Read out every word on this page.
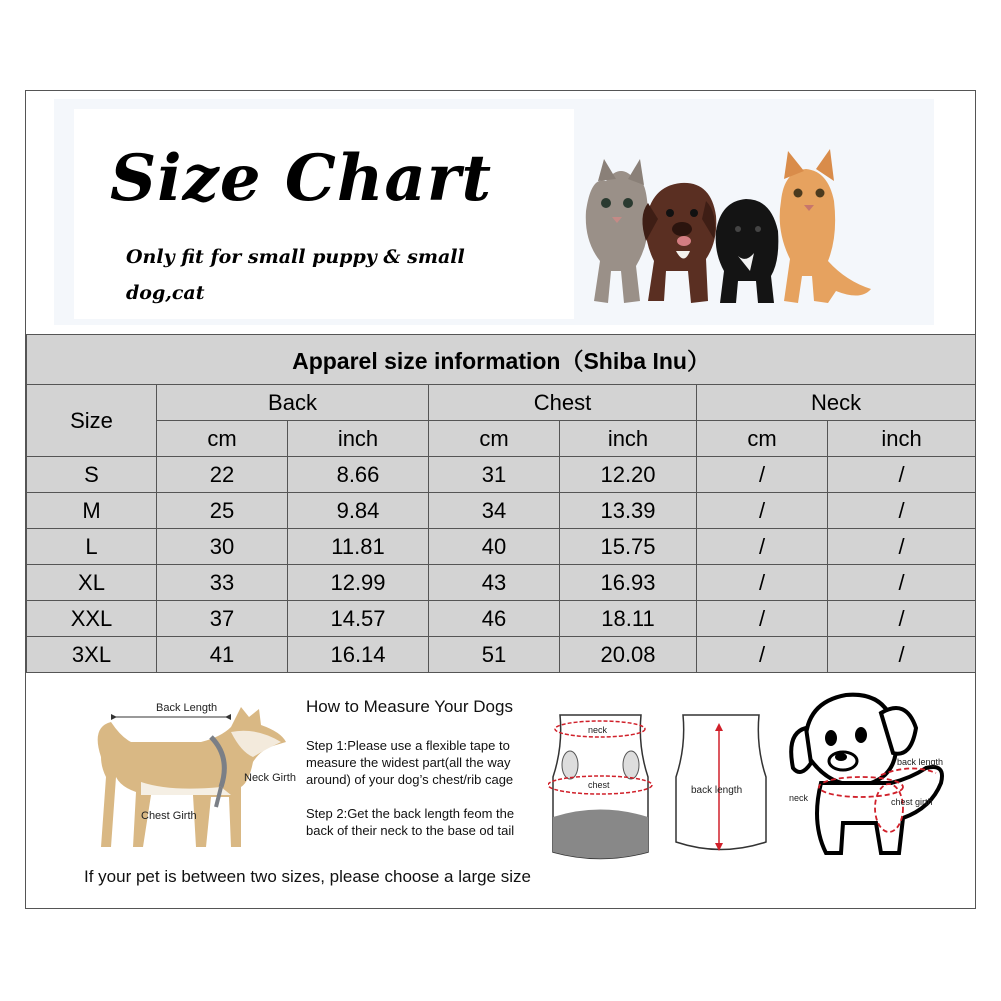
Size Chart
Only fit for small puppy & small dog,cat
Apparel size information（Shiba Inu）						
Size	Back		Chest		Neck	
	cm	inch	cm	inch	cm	inch
S	22	8.66	31	12.20	/	/
M	25	9.84	34	13.39	/	/
L	30	11.81	40	15.75	/	/
XL	33	12.99	43	16.93	/	/
XXL	37	14.57	46	18.11	/	/
3XL	41	16.14	51	20.08	/	/
Back Length
Neck Girth
Chest Girth
How to Measure Your Dogs
Step 1:Please use a flexible tape to
measure the widest part(all the way
around) of your dog’s chest/rib cage
Step 2:Get the back length feom the
back of their neck to the base od tail
neck
chest	back length
back length
chest girth
neck
If your pet is between two sizes, please choose a large size
